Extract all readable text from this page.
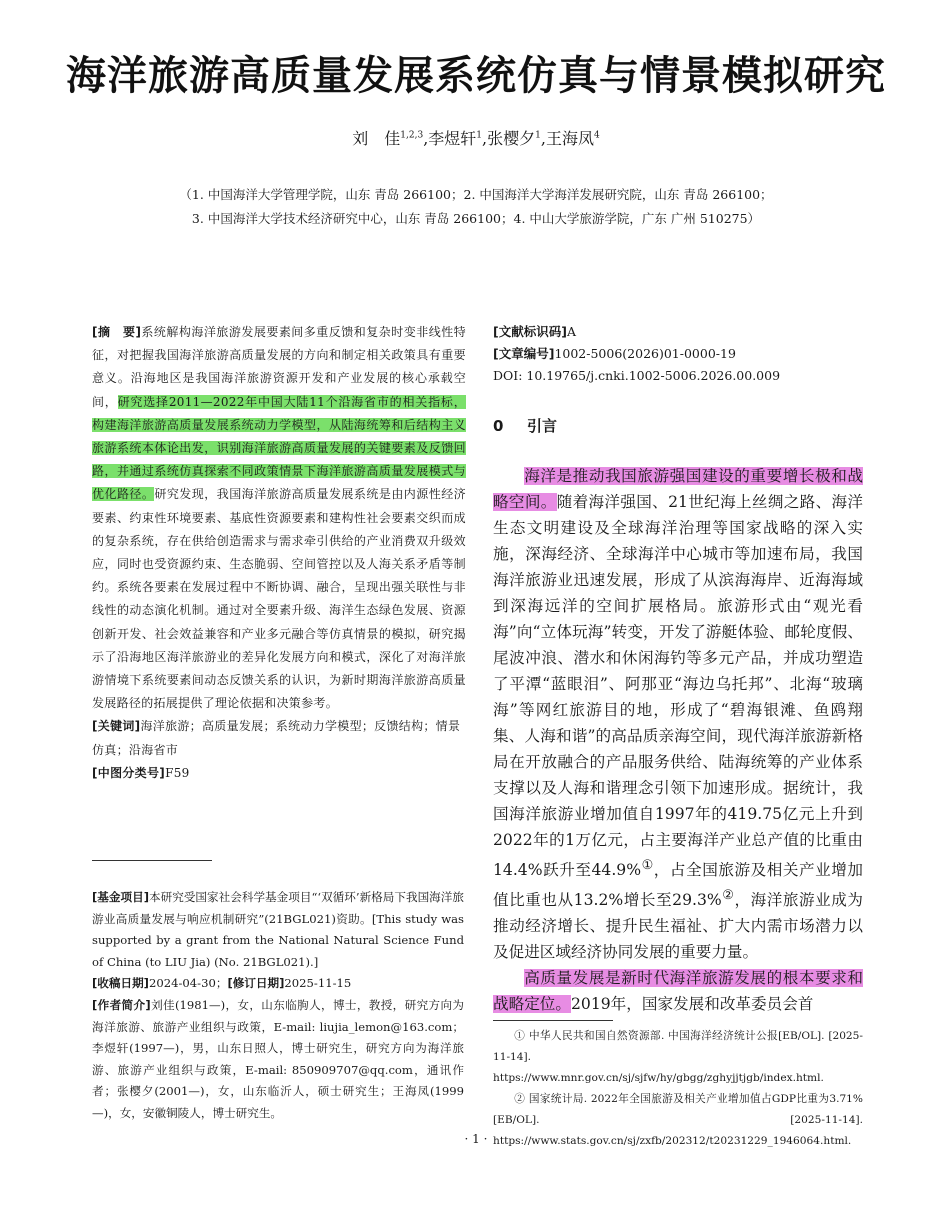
海洋旅游高质量发展系统仿真与情景模拟研究
刘　佳$^{1,2,3}$,李煜轩$^1$,张樱夕$^1$,王海凤$^4$
（1. 中国海洋大学管理学院，山东 青岛 266100；2. 中国海洋大学海洋发展研究院，山东 青岛 266100；
3. 中国海洋大学技术经济研究中心，山东 青岛 266100；4. 中山大学旅游学院，广东 广州 510275）

[摘　要]系统解构海洋旅游发展要素间多重反馈和复杂时变非线性特征，对把握我国海洋旅游高质量发展的方向和制定相关政策具有重要意义。沿海地区是我国海洋旅游资源开发和产业发展的核心承载空间，研究选择2011—2022年中国大陆11个沿海省市的相关指标，构建海洋旅游高质量发展系统动力学模型，从陆海统筹和后结构主义旅游系统本体论出发，识别海洋旅游高质量发展的关键要素及反馈回路，并通过系统仿真探索不同政策情景下海洋旅游高质量发展模式与优化路径。研究发现，我国海洋旅游高质量发展系统是由内源性经济要素、约束性环境要素、基底性资源要素和建构性社会要素交织而成的复杂系统，存在供给创造需求与需求牵引供给的产业消费双升级效应，同时也受资源约束、生态脆弱、空间管控以及人海关系矛盾等制约。系统各要素在发展过程中不断协调、融合，呈现出强关联性与非线性的动态演化机制。通过对全要素升级、海洋生态绿色发展、资源创新开发、社会效益兼容和产业多元融合等仿真情景的模拟，研究揭示了沿海地区海洋旅游业的差异化发展方向和模式，深化了对海洋旅游情境下系统要素间动态反馈关系的认识，为新时期海洋旅游高质量发展路径的拓展提供了理论依据和决策参考。

[关键词]海洋旅游；高质量发展；系统动力学模型；反馈结构；情景仿真；沿海省市

[中图分类号]F59

[基金项目]本研究受国家社会科学基金项目“‘双循环’新格局下我国海洋旅游业高质量发展与响应机制研究”(21BGL021)资助。[This study was supported by a grant from the National Natural Science Fund of China (to LIU Jia) (No. 21BGL021).]
[收稿日期]2024-04-30；[修订日期]2025-11-15
[作者简介]刘佳(1981—)，女，山东临朐人，博士，教授，研究方向为海洋旅游、旅游产业组织与政策，E-mail: liujia_lemon@163.com；李煜轩(1997—)，男，山东日照人，博士研究生，研究方向为海洋旅游、旅游产业组织与政策，E-mail: 850909707@qq.com，通讯作者；张樱夕(2001—)，女，山东临沂人，硕士研究生；王海凤(1999—)，女，安徽铜陵人，博士研究生。

[文献标识码]A

[文章编号]1002-5006(2026)01-0000-19

DOI: 10.19765/j.cnki.1002-5006.2026.00.009

0 引言

海洋是推动我国旅游强国建设的重要增长极和战略空间。随着海洋强国、21世纪海上丝绸之路、海洋生态文明建设及全球海洋治理等国家战略的深入实施，深海经济、全球海洋中心城市等加速布局，我国海洋旅游业迅速发展，形成了从滨海海岸、近海海域到深海远洋的空间扩展格局。旅游形式由“观光看海”向“立体玩海”转变，开发了游艇体验、邮轮度假、尾波冲浪、潜水和休闲海钓等多元产品，并成功塑造了平潭“蓝眼泪”、阿那亚“海边乌托邦”、北海“玻璃海”等网红旅游目的地，形成了“碧海银滩、鱼鸥翔集、人海和谐”的高品质亲海空间，现代海洋旅游新格局在开放融合的产品服务供给、陆海统筹的产业体系支撑以及人海和谐理念引领下加速形成。据统计，我国海洋旅游业增加值自1997年的419.75亿元上升到2022年的1万亿元，占主要海洋产业总产值的比重由14.4%跃升至44.9%①，占全国旅游及相关产业增加值比重也从13.2%增长至29.3%②，海洋旅游业成为推动经济增长、提升民生福祉、扩大内需市场潜力以及促进区域经济协同发展的重要力量。

高质量发展是新时代海洋旅游发展的根本要求和战略定位。2019年，国家发展和改革委员会首

① 中华人民共和国自然资源部. 中国海洋经济统计公报[EB/OL]. [2025-11-14]. https://www.mnr.gov.cn/sj/sjfw/hy/gbgg/zghyjjtjgb/index.html.

② 国家统计局. 2022年全国旅游及相关产业增加值占GDP比重为3.71%[EB/OL]. [2025-11-14]. https://www.stats.gov.cn/sj/zxfb/202312/t20231229_1946064.html.

· 1 ·
